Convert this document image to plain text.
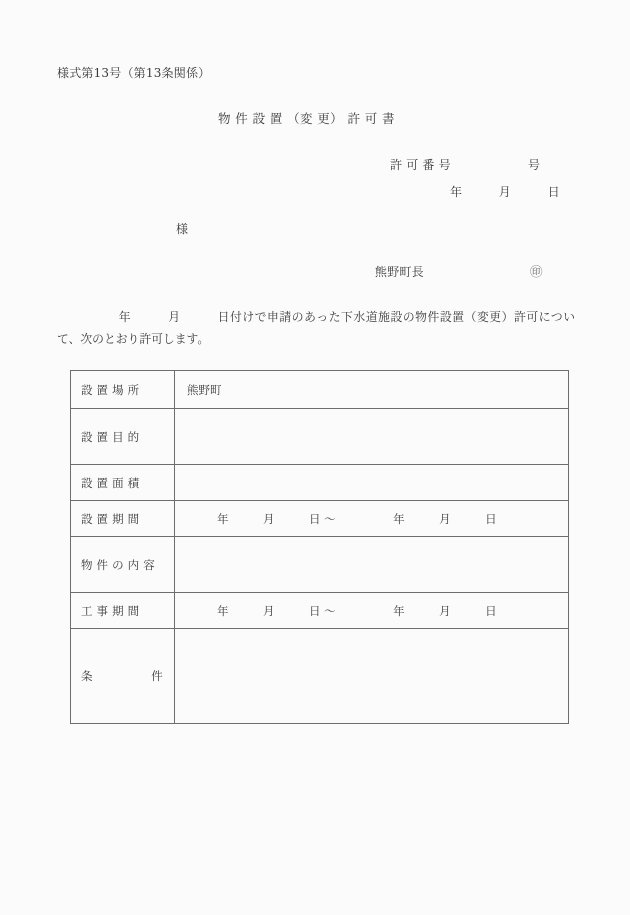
様式第13号（第13条関係）
物 件 設 置 （変 更） 許 可 書
許 可 番 号	号
年　　　月　　　日
様
熊野町長	㊞
　　　　　年　　　月　　　日付けで申請のあった下水道施設の物件設置（変更）許可について、次のとおり許可します。
設 置 場 所	熊野町
設 置 目 的	
設 置 面 積	
設 置 期 間	年　　　月　　　日 ～　　　　　年　　　月　　　日
物 件 の 内 容	
工 事 期 間	年　　　月　　　日 ～　　　　　年　　　月　　　日
条　　　　　件	
